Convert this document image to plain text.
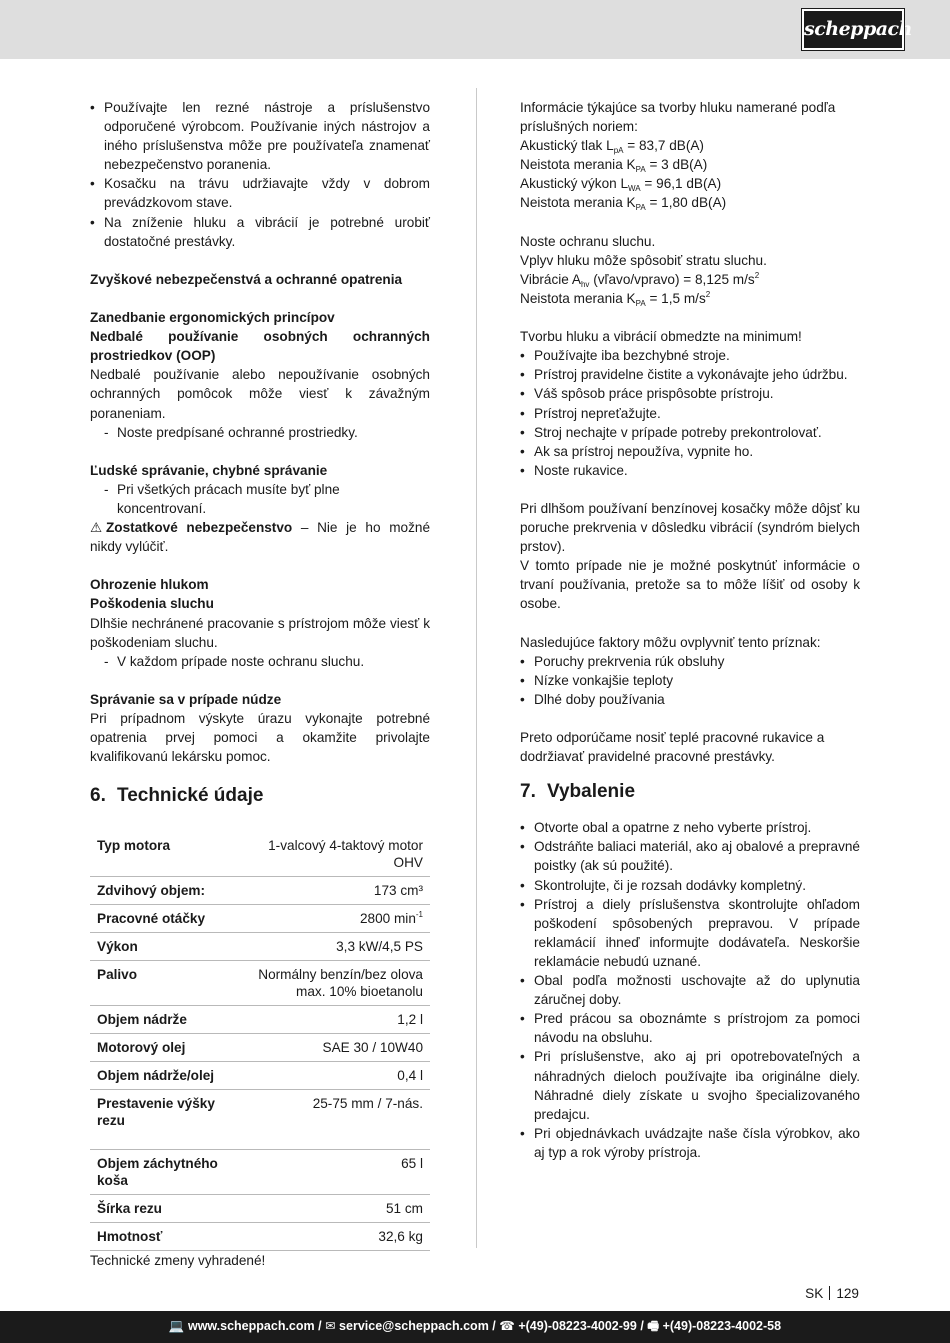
scheppach
• Používajte len rezné nástroje a príslušenstvo odporučené výrobcom. Používanie iných nástrojov a iného príslušenstva môže pre používateľa znamenať nebezpečenstvo poranenia.
• Kosačku na trávu udržiavajte vždy v dobrom prevádzkovom stave.
• Na zníženie hluku a vibrácií je potrebné urobiť dostatočné prestávky.

Zvyškové nebezpečenstvá a ochranné opatrenia

Zanedbanie ergonomických princípov

Nedbalé používanie osobných ochranných prostriedkov (OOP)

Nedbalé používanie alebo nepoužívanie osobných ochranných pomôcok môže viesť k závažným poraneniam.

- Noste predpísané ochranné prostriedky.

Ľudské správanie, chybné správanie

- Pri všetkých prácach musíte byť plne koncentrovaní.

⚠ Zostatkové nebezpečenstvo – Nie je ho možné nikdy vylúčiť.

Ohrozenie hlukom

Poškodenia sluchu

Dlhšie nechránené pracovanie s prístrojom môže viesť k poškodeniam sluchu.

- V každom prípade noste ochranu sluchu.

Správanie sa v prípade núdze

Pri prípadnom výskyte úrazu vykonajte potrebné opatrenia prvej pomoci a okamžite privolajte kvalifikovanú lekársku pomoc.

6. Technické údaje
Typ motora	1-valcový 4-taktový motor OHV
Zdvihový objem:	173 cm³
Pracovné otáčky	2800 $\min^{-1}$
Výkon	3,3 kW/4,5 PS
Palivo	Normálny benzín/bez olova max. 10% bioetanolu
Objem nádrže	1,2 l
Motorový olej	SAE 30 / 10W40
Objem nádrže/olej	0,4 l
Prestavenie výšky rezu	25-75 mm / 7-nás.
Objem záchytného koša	65 l
Šírka rezu	51 cm
Hmotnosť	32,6 kg

Technické zmeny vyhradené!

Informácie týkajúce sa tvorby hluku namerané podľa príslušných noriem:

Akustický tlak $L_{pA} = 83,7$ dB(A)

Neistota merania $K_{PA} = 3$ dB(A)

Akustický výkon $L_{WA} = 96,1$ dB(A)

Neistota merania $K_{PA} = 1,80$ dB(A)

Noste ochranu sluchu.

Vplyv hluku môže spôsobiť stratu sluchu.

Vibrácie $A_{hv}$ (vľavo/vpravo) = 8,125 $m/s^2$

Neistota merania $K_{PA} = 1,5$ $m/s^2$

Tvorbu hluku a vibrácií obmedzte na minimum!

• Používajte iba bezchybné stroje.
• Prístroj pravidelne čistite a vykonávajte jeho údržbu.
• Váš spôsob práce prispôsobte prístroju.
• Prístroj nepreťažujte.
• Stroj nechajte v prípade potreby prekontrolovať.
• Ak sa prístroj nepoužíva, vypnite ho.
• Noste rukavice.

Pri dlhšom používaní benzínovej kosačky môže dôjsť ku poruche prekrvenia v dôsledku vibrácií (syndróm bielych prstov).

V tomto prípade nie je možné poskytnúť informácie o trvaní používania, pretože sa to môže líšiť od osoby k osobe.

Nasledujúce faktory môžu ovplyvniť tento príznak:

• Poruchy prekrvenia rúk obsluhy
• Nízke vonkajšie teploty
• Dlhé doby používania

Preto odporúčame nosiť teplé pracovné rukavice a dodržiavať pravidelné pracovné prestávky.

7. Vybalenie
• Otvorte obal a opatrne z neho vyberte prístroj.
• Odstráňte baliaci materiál, ako aj obalové a prepravné poistky (ak sú použité).
• Skontrolujte, či je rozsah dodávky kompletný.
• Prístroj a diely príslušenstva skontrolujte ohľadom poškodení spôsobených prepravou. V prípade reklamácií ihneď informujte dodávateľa. Neskoršie reklamácie nebudú uznané.
• Obal podľa možnosti uschovajte až do uplynutia záručnej doby.
• Pred prácou sa oboznámte s prístrojom za pomoci návodu na obsluhu.
• Pri príslušenstve, ako aj pri opotrebovateľných a náhradných dieloch používajte iba originálne diely. Náhradné diely získate u svojho špecializovaného predajcu.
• Pri objednávkach uvádzajte naše čísla výrobkov, ako aj typ a rok výroby prístroja.
SK 129
💻 www.scheppach.com / ✉ service@scheppach.com / ☎ +(49)-08223-4002-99 / 🖷 +(49)-08223-4002-58
